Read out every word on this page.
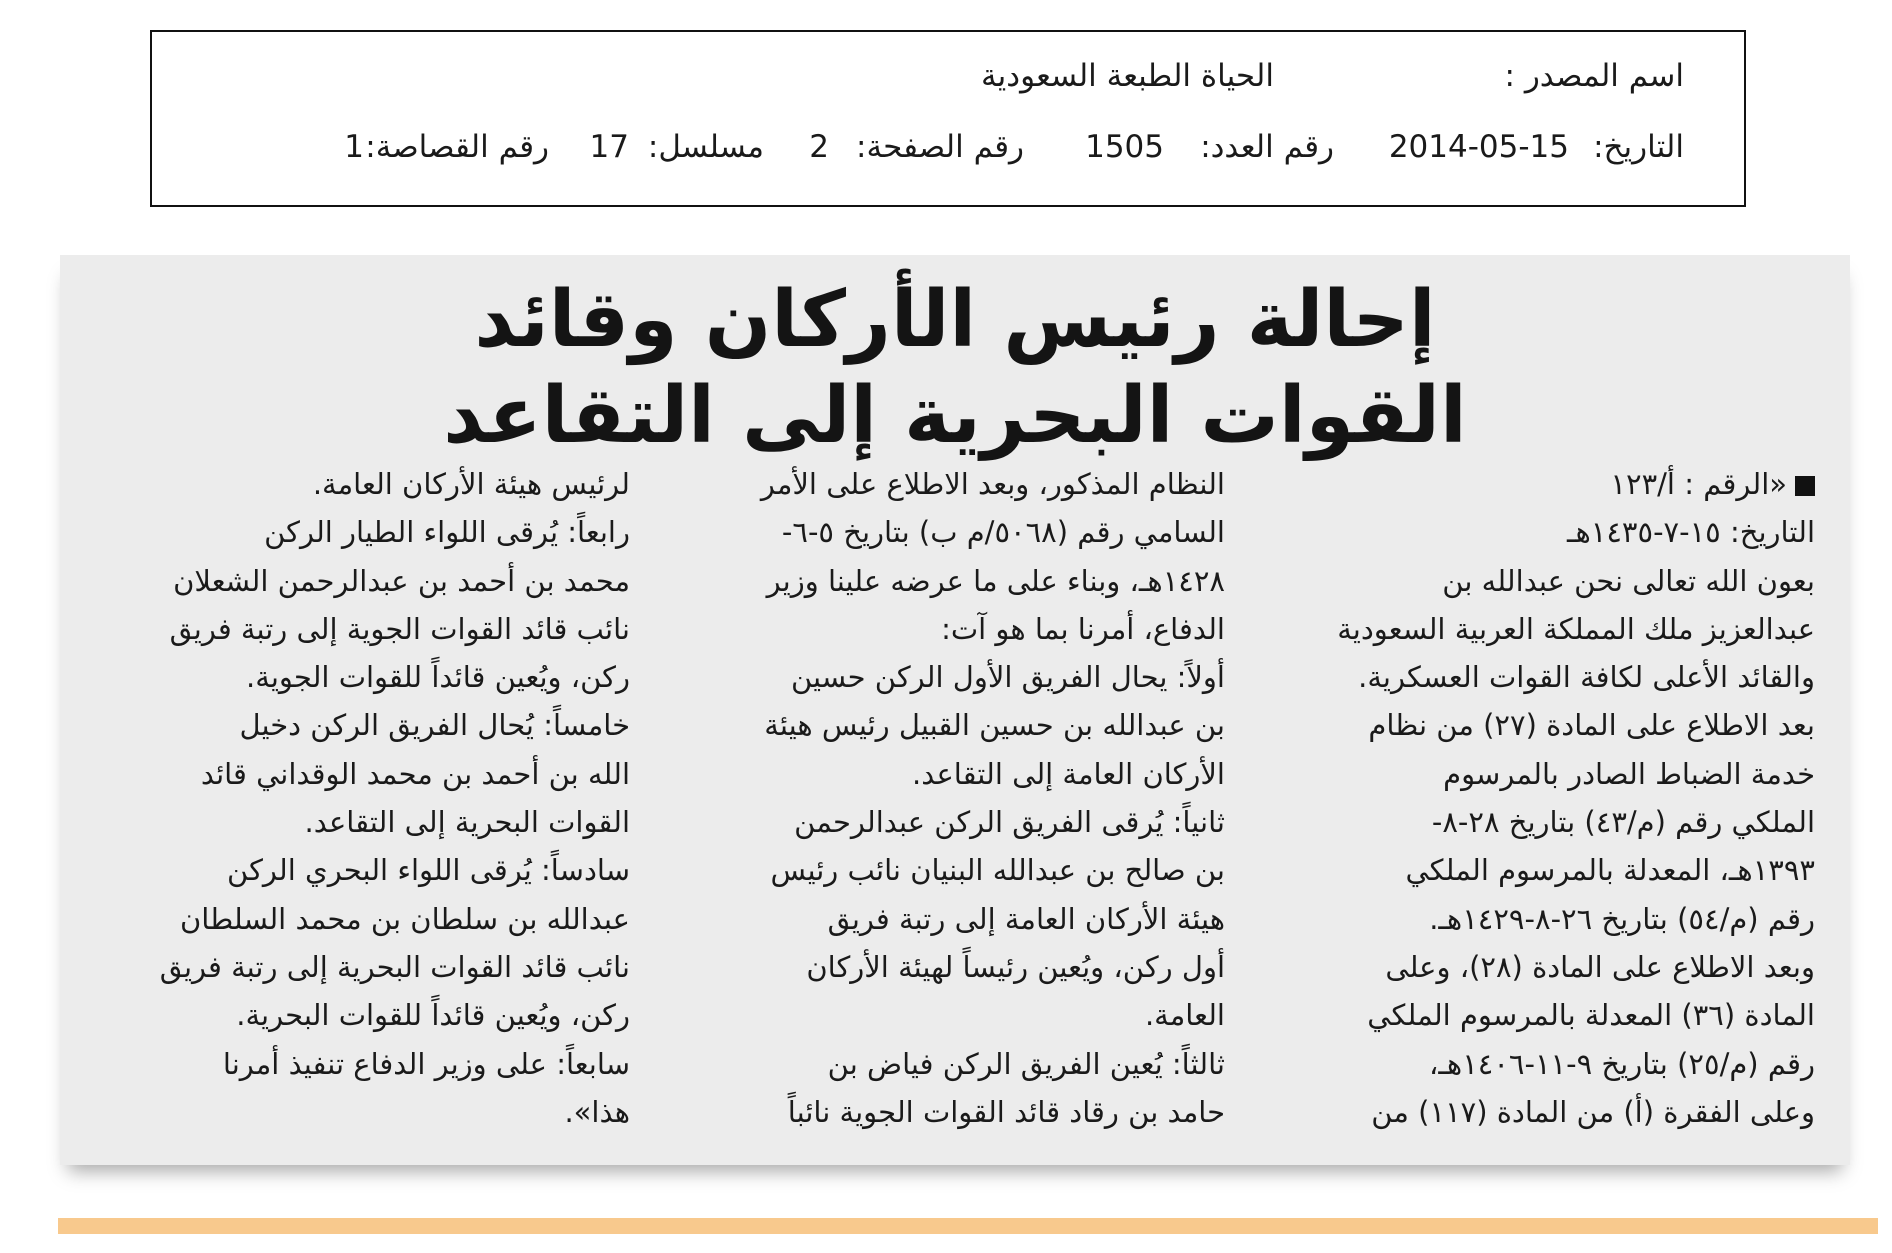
اسم المصدر :
الحياة الطبعة السعودية
التاريخ:
2014-05-15
رقم العدد:
1505
رقم الصفحة:
2
مسلسل:
17
رقم القصاصة:
1
إحالة رئيس الأركان وقائد
القوات البحرية إلى التقاعد

«الرقم : أ/١٢٣

التاريخ: ١٥-٧-١٤٣٥هـ

بعون الله تعالى نحن عبدالله بن

عبدالعزيز ملك المملكة العربية السعودية

والقائد الأعلى لكافة القوات العسكرية.

بعد الاطلاع على المادة (٢٧) من نظام

خدمة الضباط الصادر بالمرسوم

الملكي رقم (م/٤٣) بتاريخ ٢٨-٨-

١٣٩٣هـ، المعدلة بالمرسوم الملكي

رقم (م/٥٤) بتاريخ ٢٦-٨-١٤٢٩هـ.

وبعد الاطلاع على المادة (٢٨)، وعلى

المادة (٣٦) المعدلة بالمرسوم الملكي

رقم (م/٢٥) بتاريخ ٩-١١-١٤٠٦هـ،

وعلى الفقرة (أ) من المادة (١١٧) من

النظام المذكور، وبعد الاطلاع على الأمر

السامي رقم (٥٠٦٨/م ب) بتاريخ ٥-٦-

١٤٢٨هـ، وبناء على ما عرضه علينا وزير

الدفاع، أمرنا بما هو آت:

أولاً: يحال الفريق الأول الركن حسين

بن عبدالله بن حسين القبيل رئيس هيئة

الأركان العامة إلى التقاعد.

ثانياً: يُرقى الفريق الركن عبدالرحمن

بن صالح بن عبدالله البنيان نائب رئيس

هيئة الأركان العامة إلى رتبة فريق

أول ركن، ويُعين رئيساً لهيئة الأركان

العامة.

ثالثاً: يُعين الفريق الركن فياض بن

حامد بن رقاد قائد القوات الجوية نائباً

لرئيس هيئة الأركان العامة.

رابعاً: يُرقى اللواء الطيار الركن

محمد بن أحمد بن عبدالرحمن الشعلان

نائب قائد القوات الجوية إلى رتبة فريق

ركن، ويُعين قائداً للقوات الجوية.

خامساً: يُحال الفريق الركن دخيل

الله بن أحمد بن محمد الوقداني قائد

القوات البحرية إلى التقاعد.

سادساً: يُرقى اللواء البحري الركن

عبدالله بن سلطان بن محمد السلطان

نائب قائد القوات البحرية إلى رتبة فريق

ركن، ويُعين قائداً للقوات البحرية.

سابعاً: على وزير الدفاع تنفيذ أمرنا

هذا».
